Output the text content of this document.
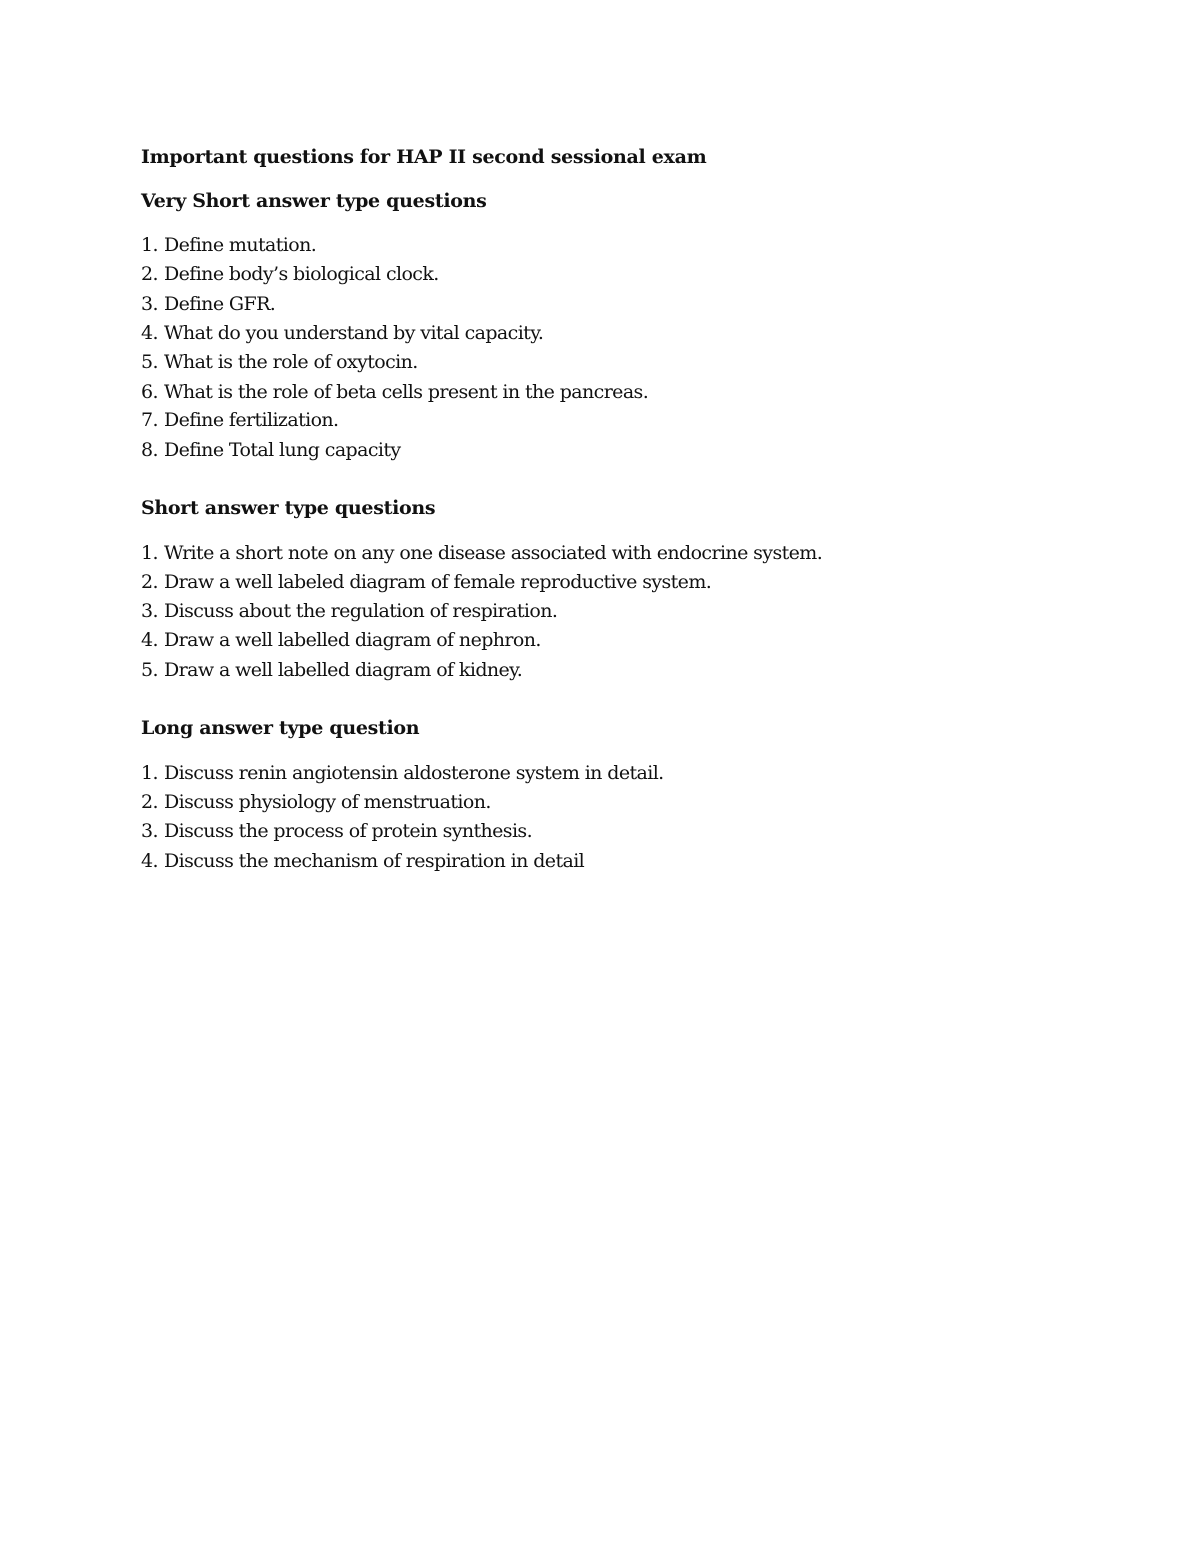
Important questions for HAP II second sessional exam
Very Short answer type questions
1. Define mutation.
2. Define body’s biological clock.
3. Define GFR.
4. What do you understand by vital capacity.
5. What is the role of oxytocin.
6. What is the role of beta cells present in the pancreas.
7. Define fertilization.
8. Define Total lung capacity
Short answer type questions
1. Write a short note on any one disease associated with endocrine system.
2. Draw a well labeled diagram of female reproductive system.
3. Discuss about the regulation of respiration.
4. Draw a well labelled diagram of nephron.
5. Draw a well labelled diagram of kidney.
Long answer type question
1. Discuss renin angiotensin aldosterone system in detail.
2. Discuss physiology of menstruation.
3. Discuss the process of protein synthesis.
4. Discuss the mechanism of respiration in detail
